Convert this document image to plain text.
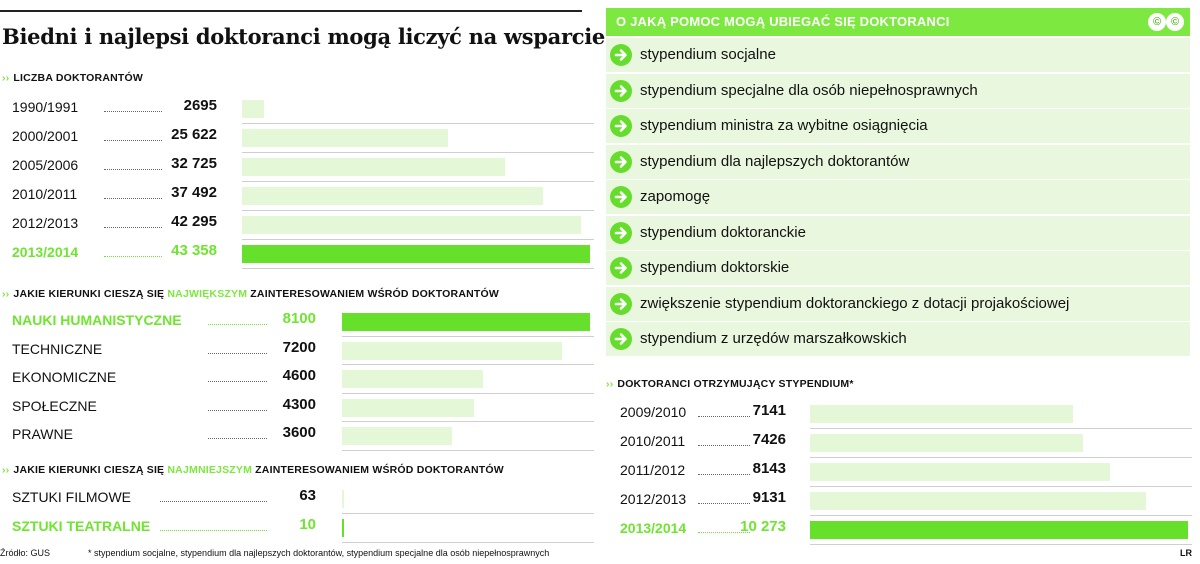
Biedni i najlepsi doktoranci mogą liczyć na wsparcie
›› LICZBA DOKTORANTÓW
›› JAKIE KIERUNKI CIESZĄ SIĘ NAJWIĘKSZYM ZAINTERESOWANIEM WŚRÓD DOKTORANTÓW
›› JAKIE KIERUNKI CIESZĄ SIĘ NAJMNIEJSZYM ZAINTERESOWANIEM WŚRÓD DOKTORANTÓW
›› DOKTORANCI OTRZYMUJĄCY STYPENDIUM*
1990/1991	2695
2000/2001	25 622
2005/2006	32 725
2010/2011	37 492
2012/2013	42 295
2013/2014	43 358
NAUKI HUMANISTYCZNE	8100
TECHNICZNE	7200
EKONOMICZNE	4600
SPOŁECZNE	4300
PRAWNE	3600
SZTUKI FILMOWE	63
SZTUKI TEATRALNE	10
2009/2010	7141
2010/2011	7426
2011/2012	8143
2012/2013	9131
2013/2014	10 273
O JAKĄ POMOC MOGĄ UBIEGAĆ SIĘ DOKTORANCI	© ©
stypendium socjalne
stypendium specjalne dla osób niepełnosprawnych
stypendium ministra za wybitne osiągnięcia
stypendium dla najlepszych doktorantów
zapomogę
stypendium doktoranckie
stypendium doktorskie
zwiększenie stypendium doktoranckiego z dotacji projakościowej
stypendium z urzędów marszałkowskich
Źródło: GUS	* stypendium socjalne, stypendium dla najlepszych doktorantów, stypendium specjalne dla osób niepełnosprawnych	LR
